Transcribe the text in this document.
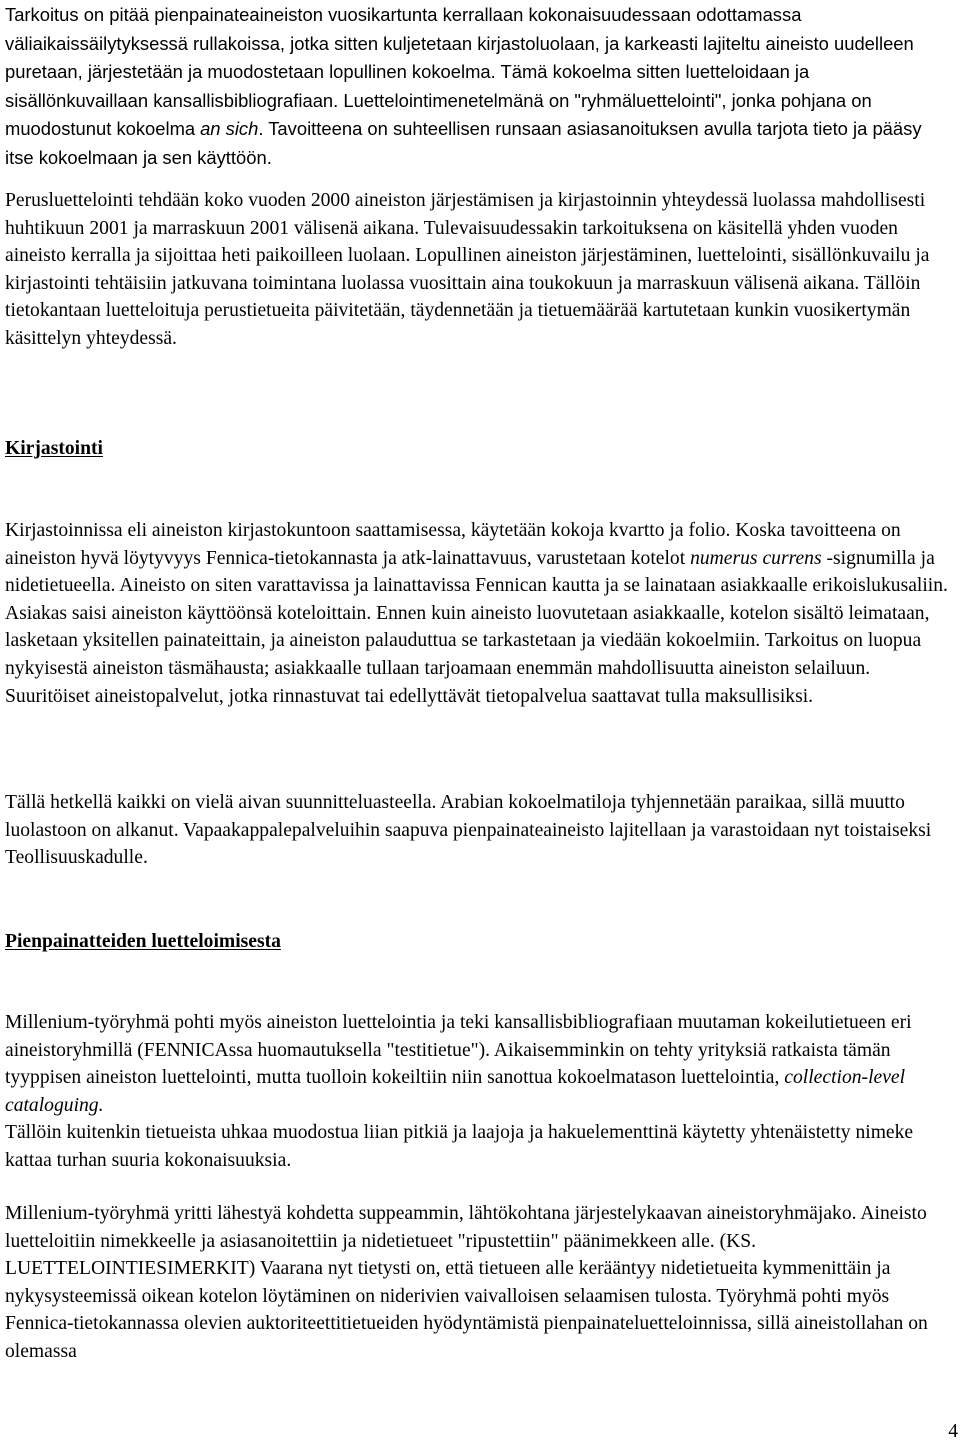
Tarkoitus on pitää pienpainateaineiston vuosikartunta kerrallaan kokonaisuudessaan odottamassa väliaikaissäilytyksessä rullakoissa, jotka sitten kuljetetaan kirjastoluolaan, ja karkeasti lajiteltu aineisto uudelleen puretaan, järjestetään ja muodostetaan lopullinen kokoelma. Tämä kokoelma sitten luetteloidaan ja sisällönkuvaillaan kansallisbibliografiaan. Luettelointimenetelmänä on "ryhmäluettelointi", jonka pohjana on muodostunut kokoelma an sich. Tavoitteena on suhteellisen runsaan asiasanoituksen avulla tarjota tieto ja pääsy itse kokoelmaan ja sen käyttöön.

Perusluettelointi tehdään koko vuoden 2000 aineiston järjestämisen ja kirjastoinnin yhteydessä luolassa mahdollisesti huhtikuun 2001 ja marraskuun 2001 välisenä aikana. Tulevaisuudessakin tarkoituksena on käsitellä yhden vuoden aineisto kerralla ja sijoittaa heti paikoilleen luolaan. Lopullinen aineiston järjestäminen, luettelointi, sisällönkuvailu ja kirjastointi tehtäisiin jatkuvana toimintana luolassa vuosittain aina toukokuun ja marraskuun välisenä aikana. Tällöin tietokantaan luetteloituja perustietueita päivitetään, täydennetään ja tietuemäärää kartutetaan kunkin vuosikertymän käsittelyn yhteydessä.

Kirjastointi

Kirjastoinnissa eli aineiston kirjastokuntoon saattamisessa, käytetään kokoja kvartto ja folio. Koska tavoitteena on aineiston hyvä löytyvyys Fennica-tietokannasta ja atk-lainattavuus, varustetaan kotelot numerus currens -signumilla ja nidetietueella. Aineisto on siten varattavissa ja lainattavissa Fennican kautta ja se lainataan asiakkaalle erikoislukusaliin. Asiakas saisi aineiston käyttöönsä koteloittain. Ennen kuin aineisto luovutetaan asiakkaalle, kotelon sisältö leimataan, lasketaan yksitellen painateittain, ja aineiston palauduttua se tarkastetaan ja viedään kokoelmiin. Tarkoitus on luopua nykyisestä aineiston täsmähausta; asiakkaalle tullaan tarjoamaan enemmän mahdollisuutta aineiston selailuun. Suuritöiset aineistopalvelut, jotka rinnastuvat tai edellyttävät tietopalvelua saattavat tulla maksullisiksi.

Tällä hetkellä kaikki on vielä aivan suunnitteluasteella. Arabian kokoelmatiloja tyhjennetään paraikaa, sillä muutto luolastoon on alkanut. Vapaakappalepalveluihin saapuva pienpainateaineisto lajitellaan ja varastoidaan nyt toistaiseksi Teollisuuskadulle.

Pienpainatteiden luetteloimisesta

Millenium-työryhmä pohti myös aineiston luettelointia ja teki kansallisbibliografiaan muutaman kokeilutietueen eri aineistoryhmillä (FENNICAssa huomautuksella "testitietue"). Aikaisemminkin on tehty yrityksiä ratkaista tämän tyyppisen aineiston luettelointi, mutta tuolloin kokeiltiin niin sanottua kokoelmatason luettelointia, collection-level cataloguing.
Tällöin kuitenkin tietueista uhkaa muodostua liian pitkiä ja laajoja ja hakuelementtinä käytetty yhtenäistetty nimeke kattaa turhan suuria kokonaisuuksia.

Millenium-työryhmä yritti lähestyä kohdetta suppeammin, lähtökohtana järjestelykaavan aineistoryhmäjako. Aineisto luetteloitiin nimekkeelle ja asiasanoitettiin ja nidetietueet "ripustettiin" päänimekkeen alle. (KS. LUETTELOINTIESIMERKIT) Vaarana nyt tietysti on, että tietueen alle kerääntyy nidetietueita kymmenittäin ja nykysysteemissä oikean kotelon löytäminen on niderivien vaivalloisen selaamisen tulosta. Työryhmä pohti myös Fennica-tietokannassa olevien auktoriteettitietueiden hyödyntämistä pienpainateluetteloinnissa, sillä aineistollahan on olemassa

4
